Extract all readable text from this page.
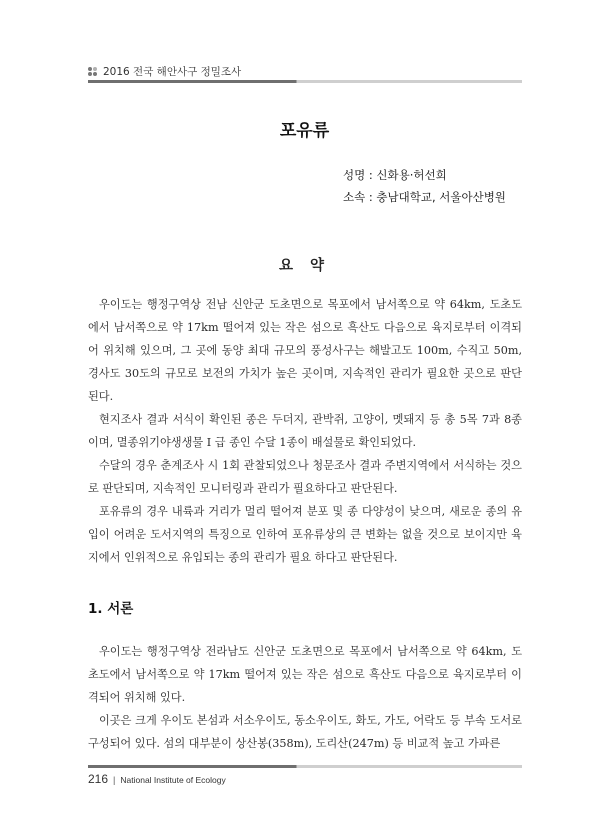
2016 전국 해안사구 정밀조사
포유류
성명 : 신화용·허선희
소속 : 충남대학교, 서울아산병원
요 약

우이도는 행정구역상 전남 신안군 도초면으로 목포에서 남서쪽으로 약 64km, 도초도에서 남서쪽으로 약 17km 떨어져 있는 작은 섬으로 흑산도 다음으로 육지로부터 이격되어 위치해 있으며, 그 곳에 동양 최대 규모의 풍성사구는 해발고도 100m, 수직고 50m, 경사도 30도의 규모로 보전의 가치가 높은 곳이며, 지속적인 관리가 필요한 곳으로 판단된다.

현지조사 결과 서식이 확인된 종은 두더지, 관박쥐, 고양이, 멧돼지 등 총 5목 7과 8종이며, 멸종위기야생생물 I 급 종인 수달 1종이 배설물로 확인되었다.

수달의 경우 춘계조사 시 1회 관찰되었으나 청문조사 결과 주변지역에서 서식하는 것으로 판단되며, 지속적인 모니터링과 관리가 필요하다고 판단된다.

포유류의 경우 내륙과 거리가 멀리 떨어져 분포 및 종 다양성이 낮으며, 새로운 종의 유입이 어려운 도서지역의 특징으로 인하여 포유류상의 큰 변화는 없을 것으로 보이지만 육지에서 인위적으로 유입되는 종의 관리가 필요 하다고 판단된다.

1. 서론

우이도는 행정구역상 전라남도 신안군 도초면으로 목포에서 남서쪽으로 약 64km, 도초도에서 남서쪽으로 약 17km 떨어져 있는 작은 섬으로 흑산도 다음으로 육지로부터 이격되어 위치해 있다.

이곳은 크게 우이도 본섬과 서소우이도, 동소우이도, 화도, 가도, 어락도 등 부속 도서로 구성되어 있다. 섬의 대부분이 상산봉(358m), 도리산(247m) 등 비교적 높고 가파른

216 | National Institute of Ecology
